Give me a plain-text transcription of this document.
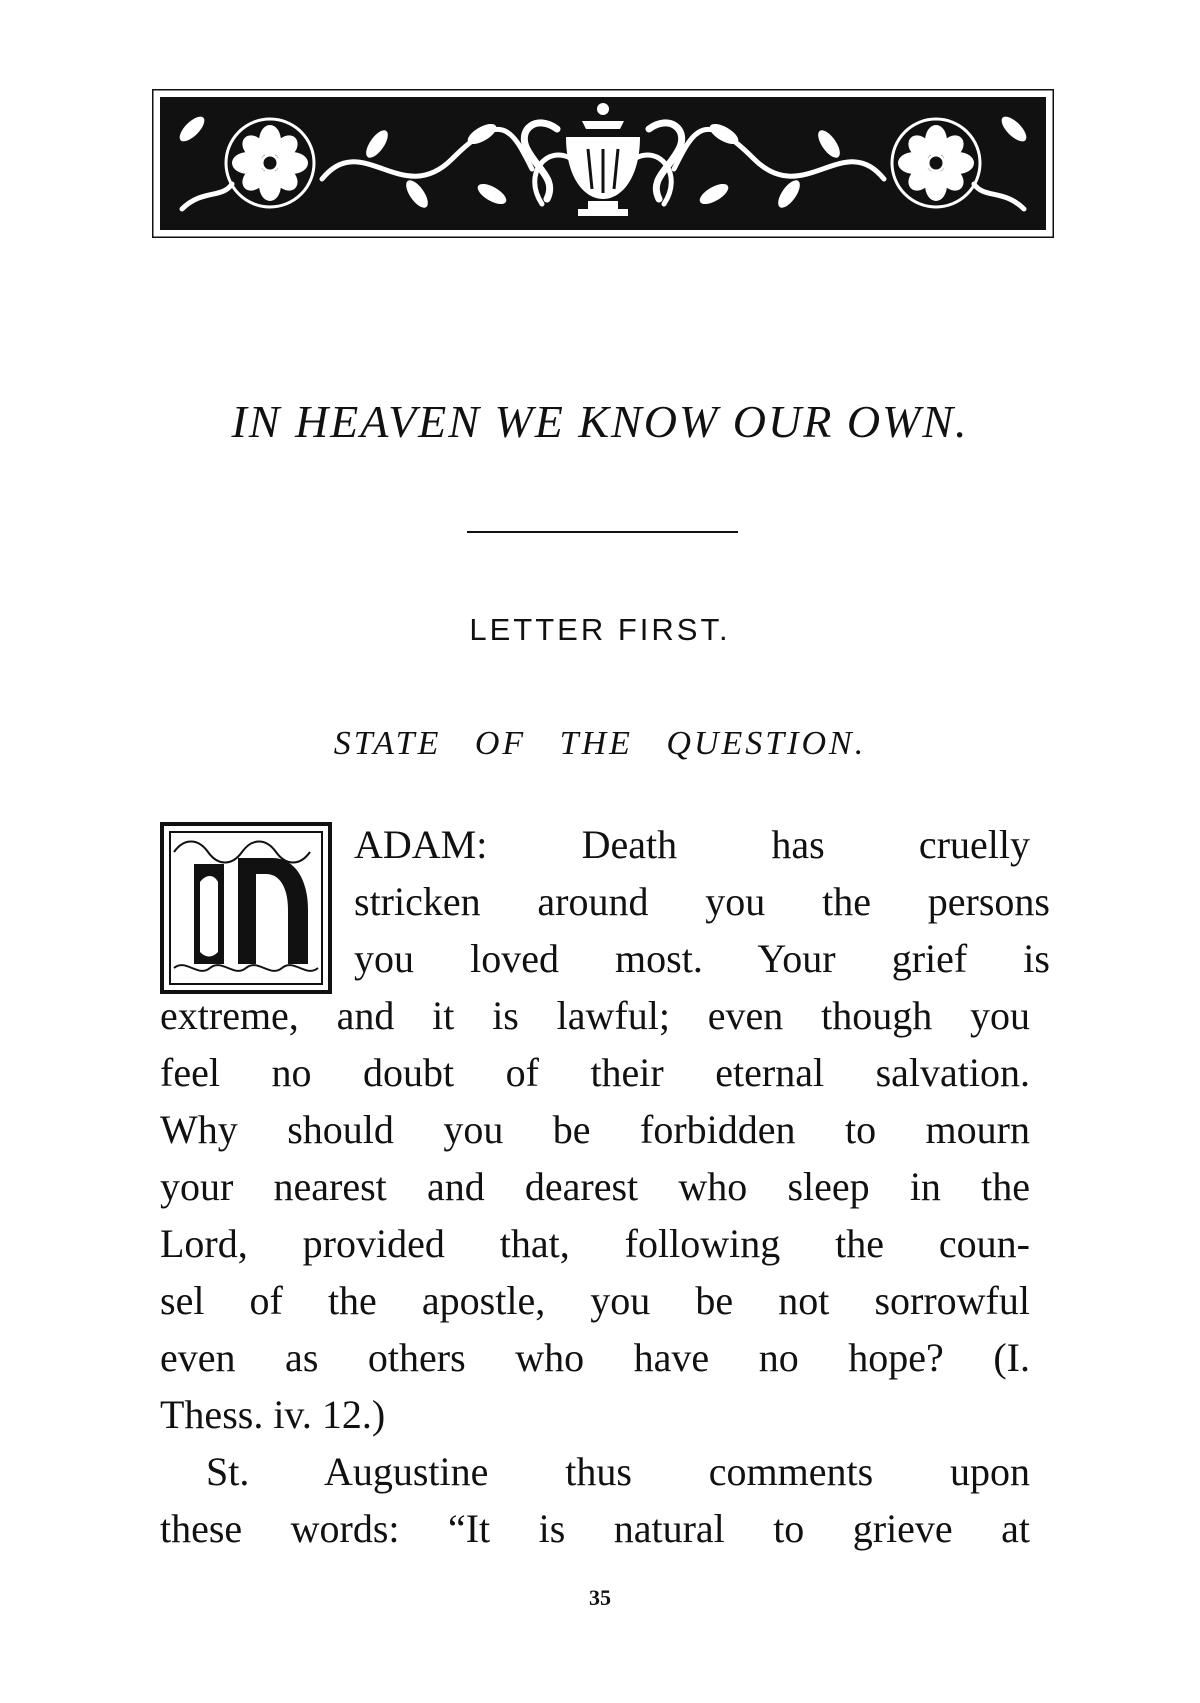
IN HEAVEN WE KNOW OUR OWN.
LETTER FIRST.
STATE OF THE QUESTION.
M

ADAM: Death has cruelly

stricken around you the persons

you loved most. Your grief is

extreme, and it is lawful; even though you

feel no doubt of their eternal salvation.

Why should you be forbidden to mourn

your nearest and dearest who sleep in the

Lord, provided that, following the coun-

sel of the apostle, you be not sorrowful

even as others who have no hope? (I.

Thess. iv. 12.)

St. Augustine thus comments upon

these words: “It is natural to grieve at

35
